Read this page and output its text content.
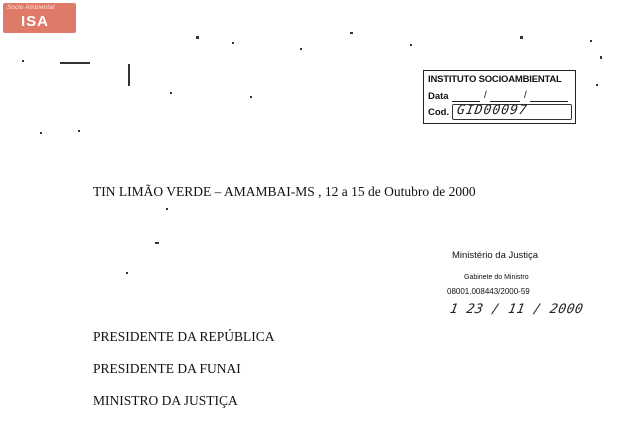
Socio Ambiental
ISA
INSTITUTO SOCIOAMBIENTAL
Data	/	/
Cod. GID00097
TIN LIMÃO VERDE – AMAMBAI-MS , 12 a 15 de Outubro de 2000
Ministério da Justiça
Gabinete do Ministro
08001.008443/2000-59
1 23 / 11 / 2000
PRESIDENTE DA REPÚBLICA
PRESIDENTE DA FUNAI
MINISTRO DA JUSTIÇA
